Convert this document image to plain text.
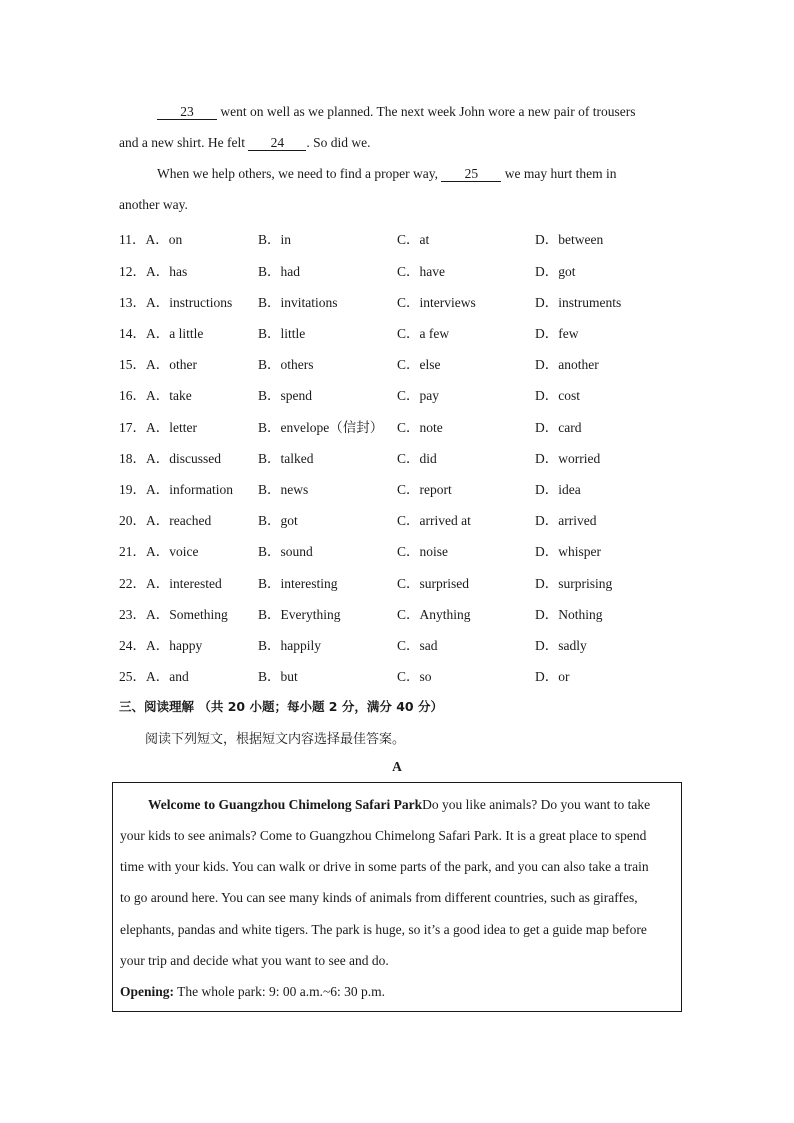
23 went on well as we planned. The next week John wore a new pair of trousers
and a new shirt. He felt 24 . So did we.
When we help others, we need to find a proper way, 25 we may hurt them in
another way.
11．A．on	B．in	C．at	D．between
12．A．has	B．had	C．have	D．got
13．A．instructions B．invitations	C．interviews	D．instruments
14．A．a little	B．little	C．a few	D．few
15．A．other	B．others	C．else	D．another
16．A．take	B．spend	C．pay	D．cost
17．A．letter	B．envelope（信封） C．note	D．card
18．A．discussed	B．talked	C．did	D．worried
19．A．information B．news	C．report	D．idea
20．A．reached	B．got	C．arrived at	D．arrived
21．A．voice	B．sound	C．noise	D．whisper
22．A．interested	B．interesting	C．surprised	D．surprising
23．A．Something B．Everything	C．Anything	D．Nothing
24．A．happy	B．happily	C．sad	D．sadly
25．A．and	B．but	C．so	D．or
三、阅读理解 （共 20 小题；每小题 2 分，满分 40 分）
阅读下列短文，根据短文内容选择最佳答案。
A
Welcome to Guangzhou Chimelong Safari ParkDo you like animals? Do you want to take
your kids to see animals? Come to Guangzhou Chimelong Safari Park. It is a great place to spend
time with your kids. You can walk or drive in some parts of the park, and you can also take a train
to go around here. You can see many kinds of animals from different countries, such as giraffes,
elephants, pandas and white tigers. The park is huge, so it’s a good idea to get a guide map before
your trip and decide what you want to see and do.
Opening: The whole park: 9: 00 a.m.~6: 30 p.m.
